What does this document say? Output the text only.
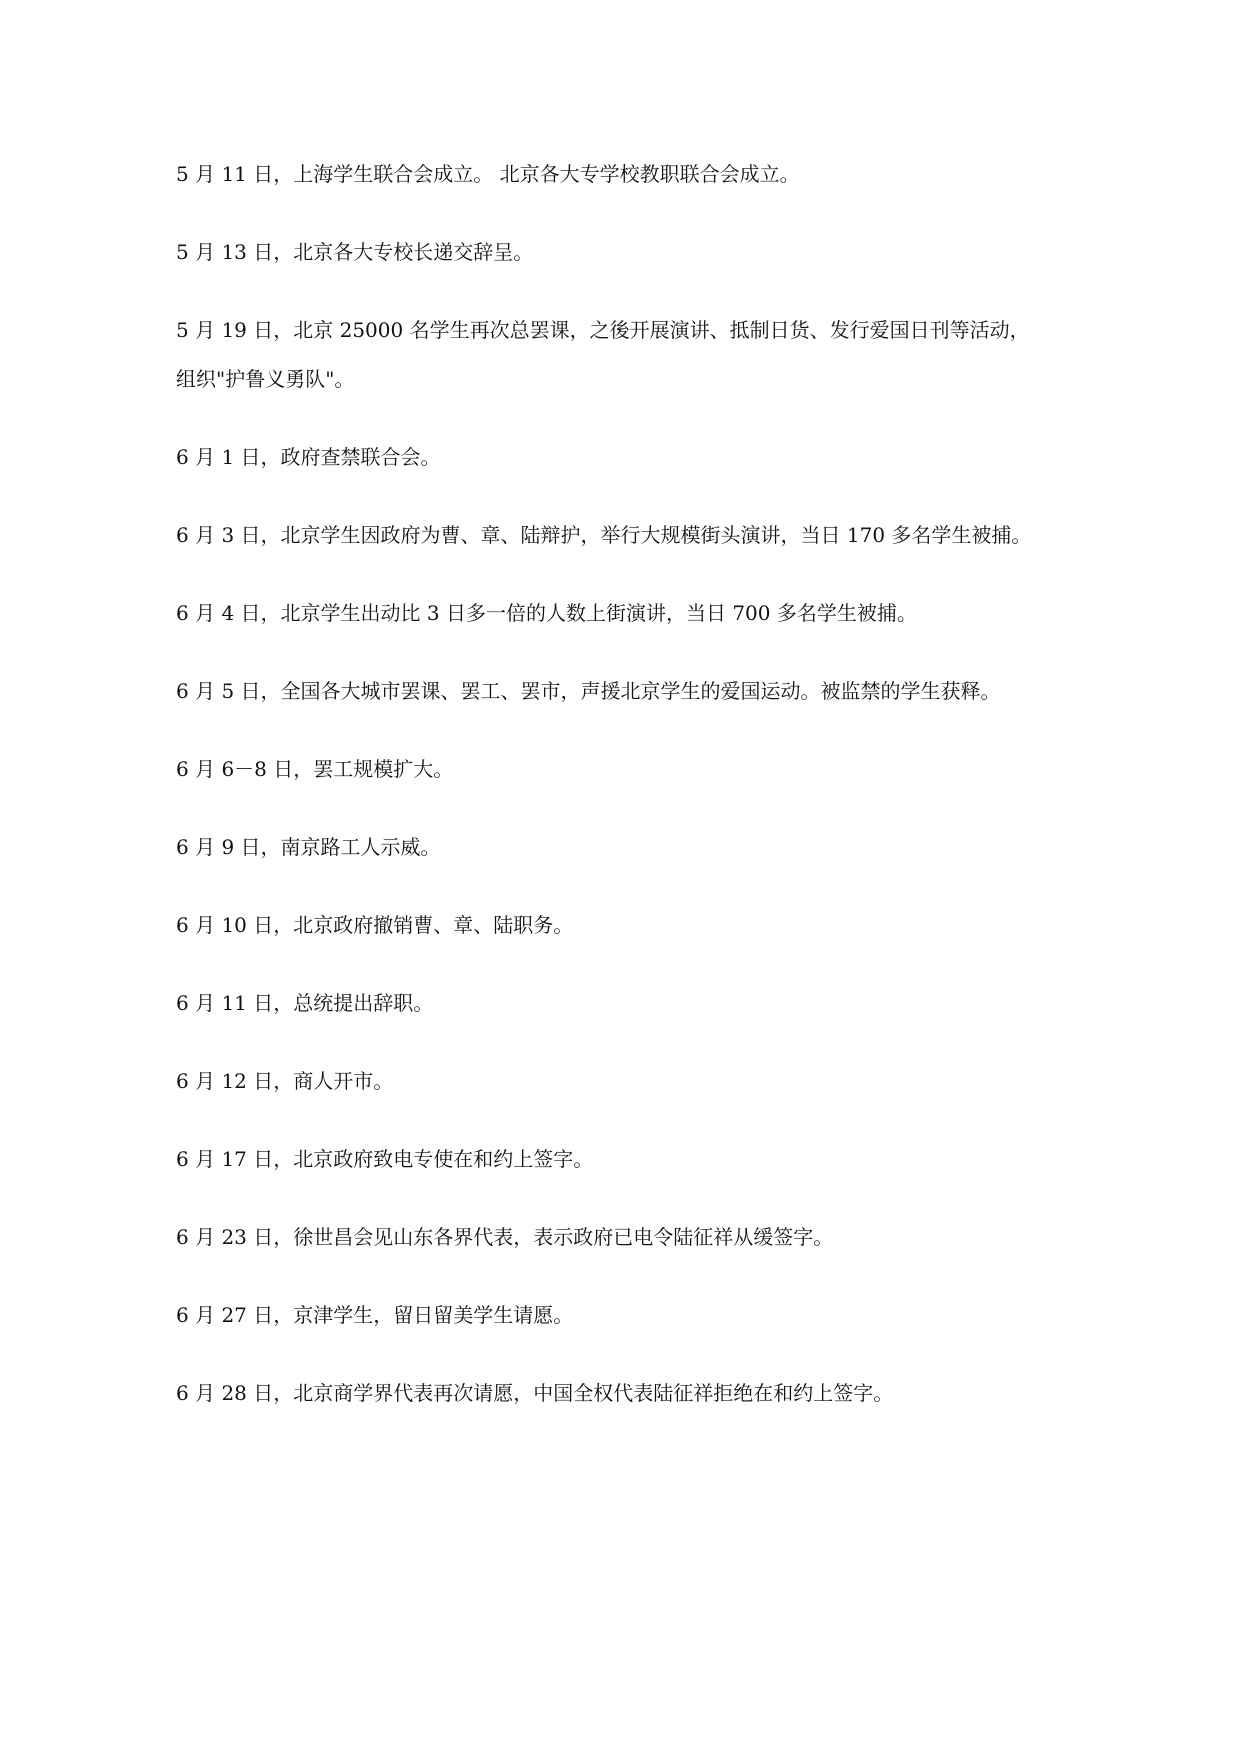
5 月 11 日，上海学生联合会成立。 北京各大专学校教职联合会成立。

5 月 13 日，北京各大专校长递交辞呈。

5 月 19 日，北京 25000 名学生再次总罢课，之後开展演讲、抵制日货、发行爱国日刊等活动，
组织"护鲁义勇队"。

6 月 1 日，政府查禁联合会。

6 月 3 日，北京学生因政府为曹、章、陆辩护，举行大规模街头演讲，当日 170 多名学生被捕。

6 月 4 日，北京学生出动比 3 日多一倍的人数上街演讲，当日 700 多名学生被捕。

6 月 5 日，全国各大城市罢课、罢工、罢市，声援北京学生的爱国运动。被监禁的学生获释。

6 月 6－8 日，罢工规模扩大。

6 月 9 日，南京路工人示威。

6 月 10 日，北京政府撤销曹、章、陆职务。

6 月 11 日，总统提出辞职。

6 月 12 日，商人开市。

6 月 17 日，北京政府致电专使在和约上签字。

6 月 23 日，徐世昌会见山东各界代表，表示政府已电令陆征祥从缓签字。

6 月 27 日，京津学生，留日留美学生请愿。

6 月 28 日，北京商学界代表再次请愿，中国全权代表陆征祥拒绝在和约上签字。
